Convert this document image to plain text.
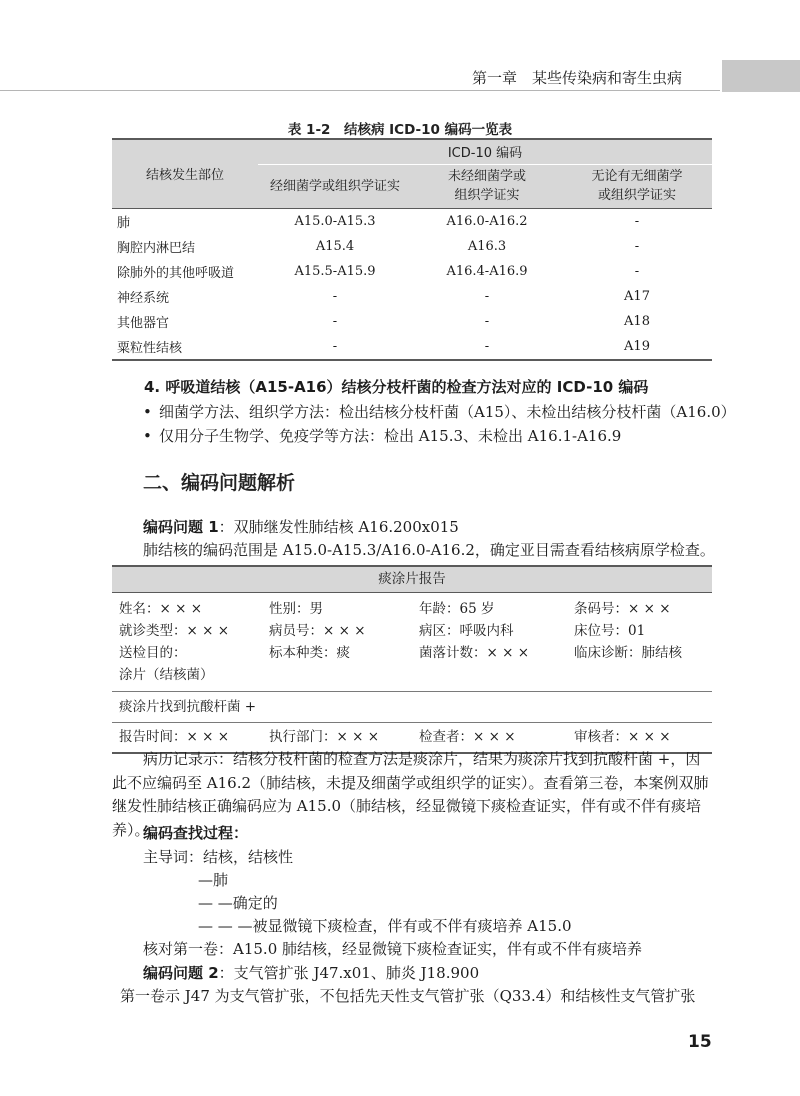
第一章　某些传染病和寄生虫病
表 1-2　结核病 ICD-10 编码一览表
结核发生部位	ICD-10 编码		
	经细菌学或组织学证实	未经细菌学或组织学证实	无论有无细菌学或组织学证实
肺	A15.0-A15.3	A16.0-A16.2	-
胸腔内淋巴结	A15.4	A16.3	-
除肺外的其他呼吸道	A15.5-A15.9	A16.4-A16.9	-
神经系统	-	-	A17
其他器官	-	-	A18
粟粒性结核	-	-	A19
4. 呼吸道结核（A15-A16）结核分枝杆菌的检查方法对应的 ICD-10 编码
• 细菌学方法、组织学方法：检出结核分枝杆菌（A15）、未检出结核分枝杆菌（A16.0）
• 仅用分子生物学、免疫学等方法：检出 A15.3、未检出 A16.1-A16.9
二、编码问题解析
编码问题 1：双肺继发性肺结核 A16.200x015
肺结核的编码范围是 A15.0-A15.3/A16.0-A16.2，确定亚目需查看结核病原学检查。
痰涂片报告
姓名：× × ×	性别：男	年龄：65 岁	条码号：× × ×
就诊类型：× × ×	病员号：× × ×	病区：呼吸内科	床位号：01
送检目的：	标本种类：痰	菌落计数：× × ×	临床诊断：肺结核
涂片（结核菌）
痰涂片找到抗酸杆菌 +
报告时间：× × ×	执行部门：× × ×	检查者：× × ×	审核者：× × ×
病历记录示：结核分枝杆菌的检查方法是痰涂片，结果为痰涂片找到抗酸杆菌 +，因此不应编码至 A16.2（肺结核，未提及细菌学或组织学的证实）。查看第三卷，本案例双肺继发性肺结核正确编码应为 A15.0（肺结核，经显微镜下痰检查证实，伴有或不伴有痰培养）。
编码查找过程：
主导词：结核，结核性
—肺
— —确定的
— — —被显微镜下痰检查，伴有或不伴有痰培养 A15.0
核对第一卷：A15.0 肺结核，经显微镜下痰检查证实，伴有或不伴有痰培养
编码问题 2：支气管扩张 J47.x01、肺炎 J18.900
第一卷示 J47 为支气管扩张，不包括先天性支气管扩张（Q33.4）和结核性支气管扩张
15
